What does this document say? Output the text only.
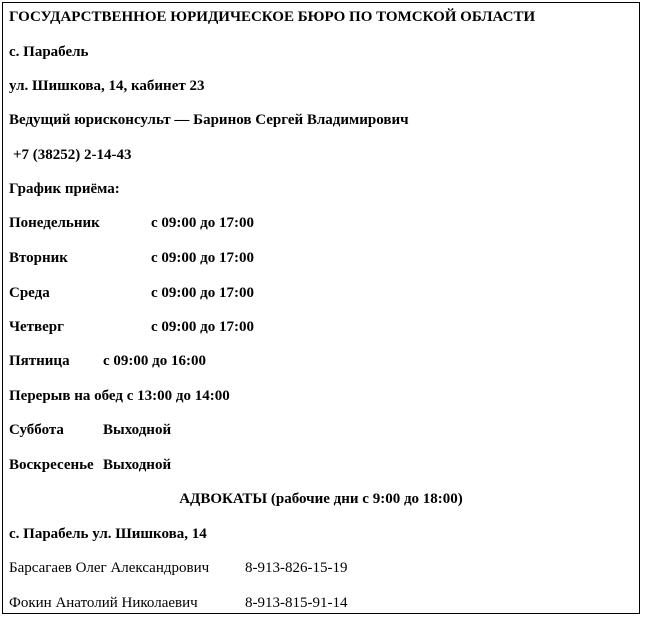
ГОСУДАРСТВЕННОЕ ЮРИДИЧЕСКОЕ БЮРО ПО ТОМСКОЙ ОБЛАСТИ
с. Парабель
ул. Шишкова, 14, кабинет 23
Ведущий юрисконсульт — Баринов Сергей Владимирович
+7 (38252) 2-14-43
График приёма:
Понедельник	с 09:00 до 17:00
Вторник	с 09:00 до 17:00
Среда	с 09:00 до 17:00
Четверг	с 09:00 до 17:00
Пятница с 09:00 до 16:00
Перерыв на обед с 13:00 до 14:00
Суббота	Выходной
Воскресенье Выходной
АДВОКАТЫ (рабочие дни с 9:00 до 18:00)
с. Парабель ул. Шишкова, 14
Барсагаев Олег Александрович 8-913-826-15-19
Фокин Анатолий Николаевич	8-913-815-91-14
